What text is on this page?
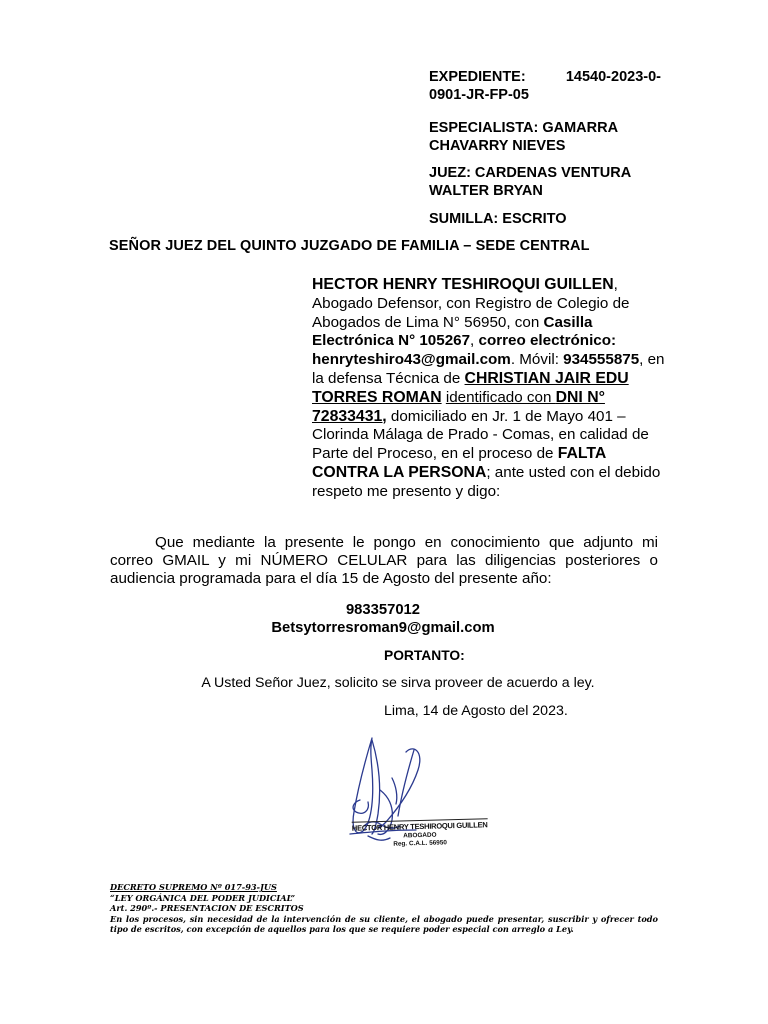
EXPEDIENTE:	14540-2023-0-
0901-JR-FP-05
ESPECIALISTA: GAMARRA
CHAVARRY NIEVES
JUEZ: CARDENAS VENTURA
WALTER BRYAN
SUMILLA: ESCRITO
SEÑOR JUEZ DEL QUINTO JUZGADO DE FAMILIA – SEDE CENTRAL
HECTOR HENRY TESHIROQUI GUILLEN, Abogado Defensor, con Registro de Colegio de Abogados de Lima N° 56950, con Casilla Electrónica N° 105267, correo electrónico: henryteshiro43@gmail.com. Móvil: 934555875, en la defensa Técnica de CHRISTIAN JAIR EDU TORRES ROMAN identificado con DNI N° 72833431, domiciliado en Jr. 1 de Mayo 401 – Clorinda Málaga de Prado - Comas, en calidad de Parte del Proceso, en el proceso de FALTA CONTRA LA PERSONA; ante usted con el debido respeto me presento y digo:
Que mediante la presente le pongo en conocimiento que adjunto mi correo GMAIL y mi NÚMERO CELULAR para las diligencias posteriores o audiencia programada para el día 15 de Agosto del presente año:
983357012
Betsytorresroman9@gmail.com
PORTANTO:
A Usted Señor Juez, solicito se sirva proveer de acuerdo a ley.
Lima, 14 de Agosto del 2023.
HECTOR HENRY TESHIROQUI GUILLEN
ABOGADO
Reg. C.A.L. 56950
DECRETO SUPREMO Nº 017-93-JUS
“LEY ORGÁNICA DEL PODER JUDICIAL”
Art. 290º.- PRESENTACION DE ESCRITOS
En los procesos, sin necesidad de la intervención de su cliente, el abogado puede presentar, suscribir y ofrecer todo tipo de escritos, con excepción de aquellos para los que se requiere poder especial con arreglo a Ley.
